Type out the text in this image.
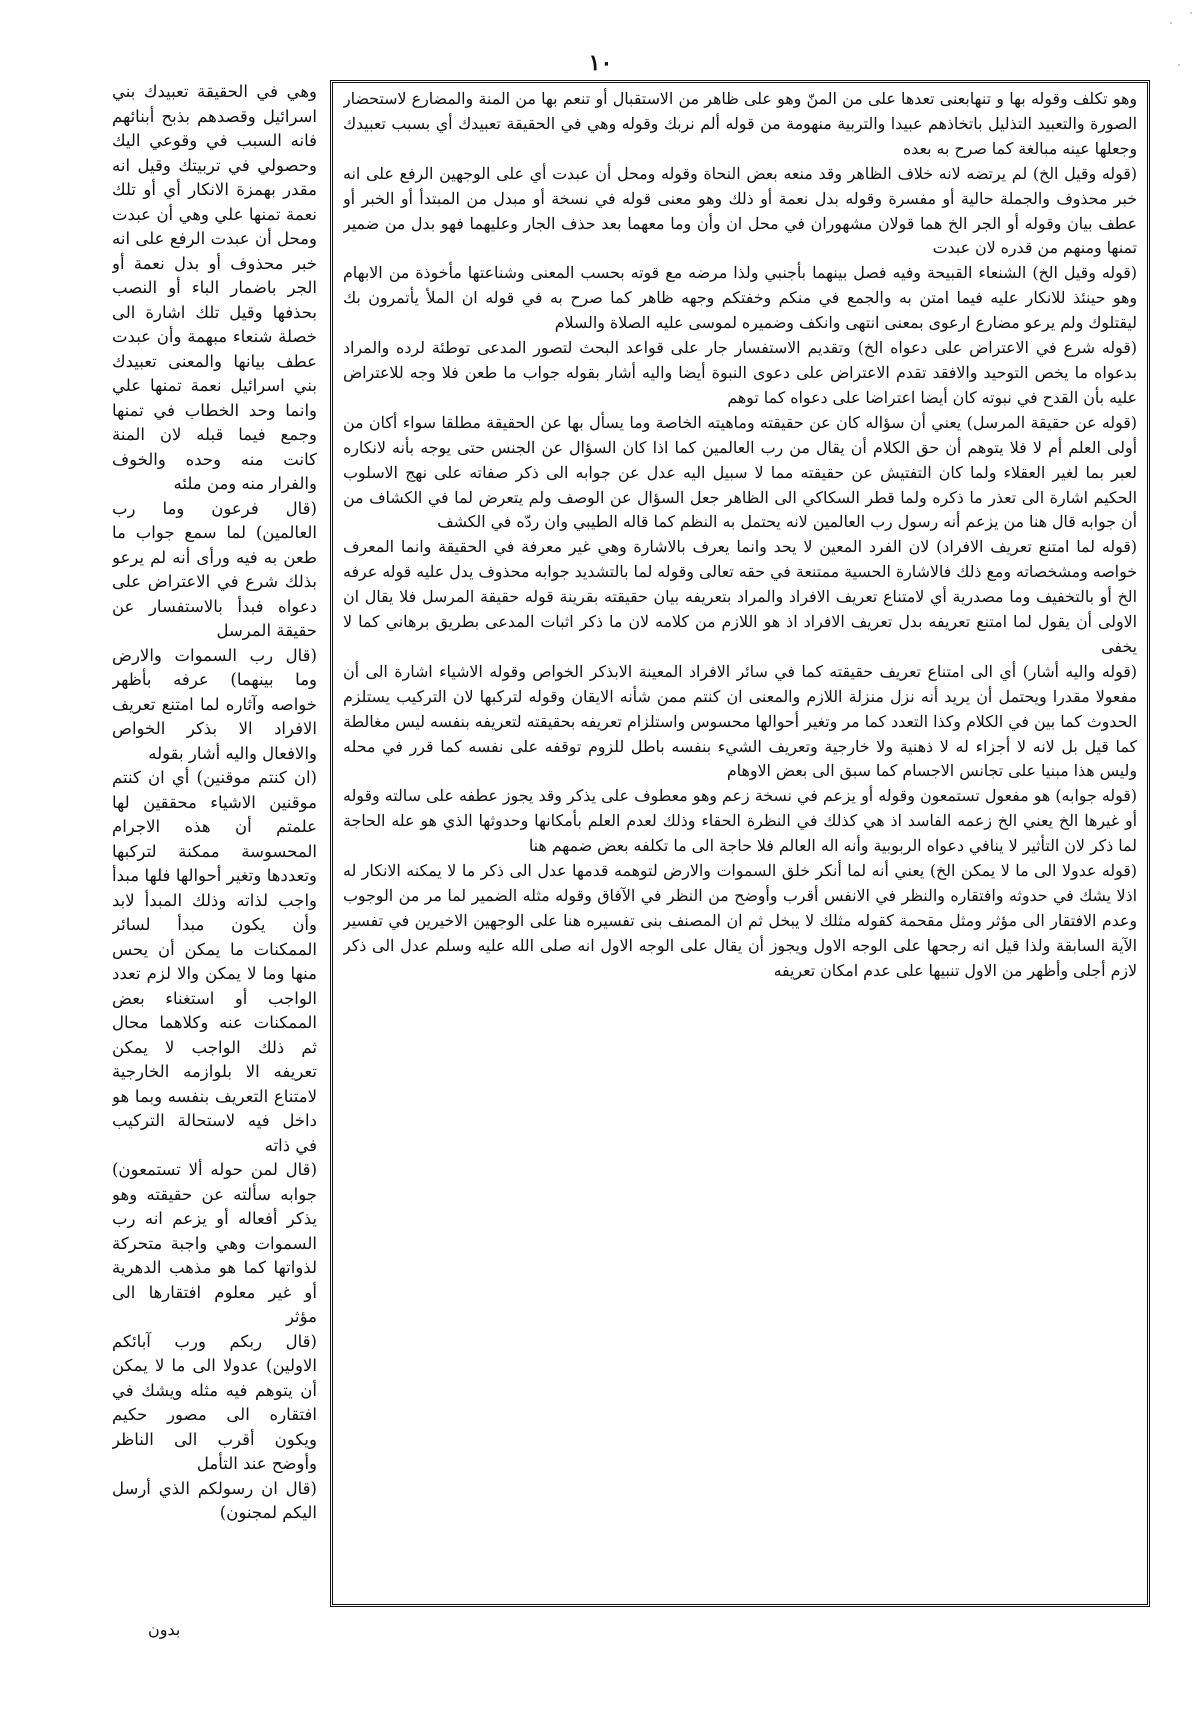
١٠

وهي في الحقيقة تعبيدك بني اسرائيل وقصدهم بذبح أبنائهم فانه السبب في وقوعي اليك وحصولي في تربيتك وقيل انه مقدر بهمزة الانكار أي أو تلك نعمة تمنها علي وهي أن عبدت ومحل أن عبدت الرفع على انه خبر محذوف أو بدل نعمة أو الجر باضمار الباء أو النصب بحذفها وقيل تلك اشارة الى خصلة شنعاء مبهمة وأن عبدت عطف بيانها والمعنى تعبيدك بني اسرائيل نعمة تمنها علي وانما وحد الخطاب في تمنها وجمع فيما قبله لان المنة كانت منه وحده والخوف والفرار منه ومن ملئه

(قال فرعون وما رب العالمين) لما سمع جواب ما طعن به فيه ورأى أنه لم يرعو بذلك شرع في الاعتراض على دعواه فبدأ بالاستفسار عن حقيقة المرسل

(قال رب السموات والارض وما بينهما) عرفه بأظهر خواصه وآثاره لما امتنع تعريف الافراد الا بذكر الخواص والافعال واليه أشار بقوله

(ان كنتم موقنين) أي ان كنتم موقنين الاشياء محققين لها علمتم أن هذه الاجرام المحسوسة ممكنة لتركبها وتعددها وتغير أحوالها فلها مبدأ واجب لذاته وذلك المبدأ لابد وأن يكون مبدأ لسائر الممكنات ما يمكن أن يحس منها وما لا يمكن والا لزم تعدد الواجب أو استغناء بعض الممكنات عنه وكلاهما محال ثم ذلك الواجب لا يمكن تعريفه الا بلوازمه الخارجية لامتناع التعريف بنفسه وبما هو داخل فيه لاستحالة التركيب في ذاته

(قال لمن حوله ألا تستمعون) جوابه سألته عن حقيقته وهو يذكر أفعاله أو يزعم انه رب السموات وهي واجبة متحركة لذواتها كما هو مذهب الدهرية أو غير معلوم افتقارها الى مؤثر

(قال ربكم ورب آبائكم الاولين) عدولا الى ما لا يمكن أن يتوهم فيه مثله ويشك في افتقاره الى مصور حكيم ويكون أقرب الى الناظر وأوضح عند التأمل

(قال ان رسولكم الذي أرسل اليكم لمجنون)

وهو تكلف وقوله بها و تنهابعنى تعدها على من المنّ وهو على ظاهر من الاستقبال أو تنعم بها من المنة والمضارع لاستحضار الصورة والتعبيد التذليل باتخاذهم عبيدا والتربية منهومة من قوله ألم نربك وقوله وهي في الحقيقة تعبيدك أي بسبب تعبيدك وجعلها عينه مبالغة كما صرح به بعده

(قوله وقيل الخ) لم يرتضه لانه خلاف الظاهر وقد منعه بعض النحاة وقوله ومحل أن عبدت أي على الوجهين الرفع على انه خبر محذوف والجملة حالية أو مفسرة وقوله بدل نعمة أو ذلك وهو معنى قوله في نسخة أو مبدل من المبتدأ أو الخبر أو عطف بيان وقوله أو الجر الخ هما قولان مشهوران في محل ان وأن وما معهما بعد حذف الجار وعليهما فهو بدل من ضمير تمنها ومنهم من قدره لان عبدت

(قوله وقيل الخ) الشنعاء القبيحة وفيه فصل بينهما بأجنبي ولذا مرضه مع قوته بحسب المعنى وشناعتها مأخوذة من الابهام وهو حينئذ للانكار عليه فيما امتن به والجمع في منكم وخفتكم وجهه ظاهر كما صرح به في قوله ان الملأ يأتمرون بك ليقتلوك ولم يرعو مضارع ارعوى بمعنى انتهى وانكف وضميره لموسى عليه الصلاة والسلام

(قوله شرع في الاعتراض على دعواه الخ) وتقديم الاستفسار جار على قواعد البحث لتصور المدعى توطئة لرده والمراد بدعواه ما يخص التوحيد والافقد تقدم الاعتراض على دعوى النبوة أيضا واليه أشار بقوله جواب ما طعن فلا وجه للاعتراض عليه بأن القدح في نبوته كان أيضا اعتراضا على دعواه كما توهم

(قوله عن حقيقة المرسل) يعني أن سؤاله كان عن حقيقته وماهيته الخاصة وما يسأل بها عن الحقيقة مطلقا سواء أكان من أولى العلم أم لا فلا يتوهم أن حق الكلام أن يقال من رب العالمين كما اذا كان السؤال عن الجنس حتى يوجه بأنه لانكاره لعبر بما لغير العقلاء ولما كان التفتيش عن حقيقته مما لا سبيل اليه عدل عن جوابه الى ذكر صفاته على نهج الاسلوب الحكيم اشارة الى تعذر ما ذكره ولما قطر السكاكي الى الظاهر جعل السؤال عن الوصف ولم يتعرض لما في الكشاف من أن جوابه قال هنا من يزعم أنه رسول رب العالمين لانه يحتمل به النظم كما قاله الطيبي وان ردّه في الكشف

(قوله لما امتنع تعريف الافراد) لان الفرد المعين لا يحد وانما يعرف بالاشارة وهي غير معرفة في الحقيقة وانما المعرف خواصه ومشخصاته ومع ذلك فالاشارة الحسية ممتنعة في حقه تعالى وقوله لما بالتشديد جوابه محذوف يدل عليه قوله عرفه الخ أو بالتخفيف وما مصدرية أي لامتناع تعريف الافراد والمراد بتعريفه بيان حقيقته بقرينة قوله حقيقة المرسل فلا يقال ان الاولى أن يقول لما امتنع تعريفه بدل تعريف الافراد اذ هو اللازم من كلامه لان ما ذكر اثبات المدعى بطريق برهاني كما لا يخفى

(قوله واليه أشار) أي الى امتناع تعريف حقيقته كما في سائر الافراد المعينة الابذكر الخواص وقوله الاشياء اشارة الى أن مفعولا مقدرا ويحتمل أن يريد أنه نزل منزلة اللازم والمعنى ان كنتم ممن شأنه الايقان وقوله لتركبها لان التركيب يستلزم الحدوث كما بين في الكلام وكذا التعدد كما مر وتغير أحوالها محسوس واستلزام تعريفه بحقيقته لتعريفه بنفسه ليس مغالطة كما قيل بل لانه لا أجزاء له لا ذهنية ولا خارجية وتعريف الشيء بنفسه باطل للزوم توقفه على نفسه كما قرر في محله وليس هذا مبنيا على تجانس الاجسام كما سبق الى بعض الاوهام

(قوله جوابه) هو مفعول تستمعون وقوله أو يزعم في نسخة زعم وهو معطوف على يذكر وقد يجوز عطفه على سالته وقوله أو غيرها الخ يعني الخ زعمه الفاسد اذ هي كذلك في النظرة الحقاء وذلك لعدم العلم بأمكانها وحدوثها الذي هو عله الحاجة لما ذكر لان التأثير لا ينافي دعواه الربوبية وأنه اله العالم فلا حاجة الى ما تكلفه بعض ضمهم هنا

(قوله عدولا الى ما لا يمكن الخ) يعني أنه لما أنكر خلق السموات والارض لتوهمه قدمها عدل الى ذكر ما لا يمكنه الانكار له اذلا يشك في حدوثه وافتقاره والنظر في الانفس أقرب وأوضح من النظر في الآفاق وقوله مثله الضمير لما مر من الوجوب وعدم الافتقار الى مؤثر ومثل مقحمة كقوله مثلك لا يبخل ثم ان المصنف بنى تفسيره هنا على الوجهين الاخيرين في تفسير الآية السابقة ولذا قيل انه رجحها على الوجه الاول ويجوز أن يقال على الوجه الاول انه صلى الله عليه وسلم عدل الى ذكر لازم أجلى وأظهر من الاول تنبيها على عدم امكان تعريفه

بدون
